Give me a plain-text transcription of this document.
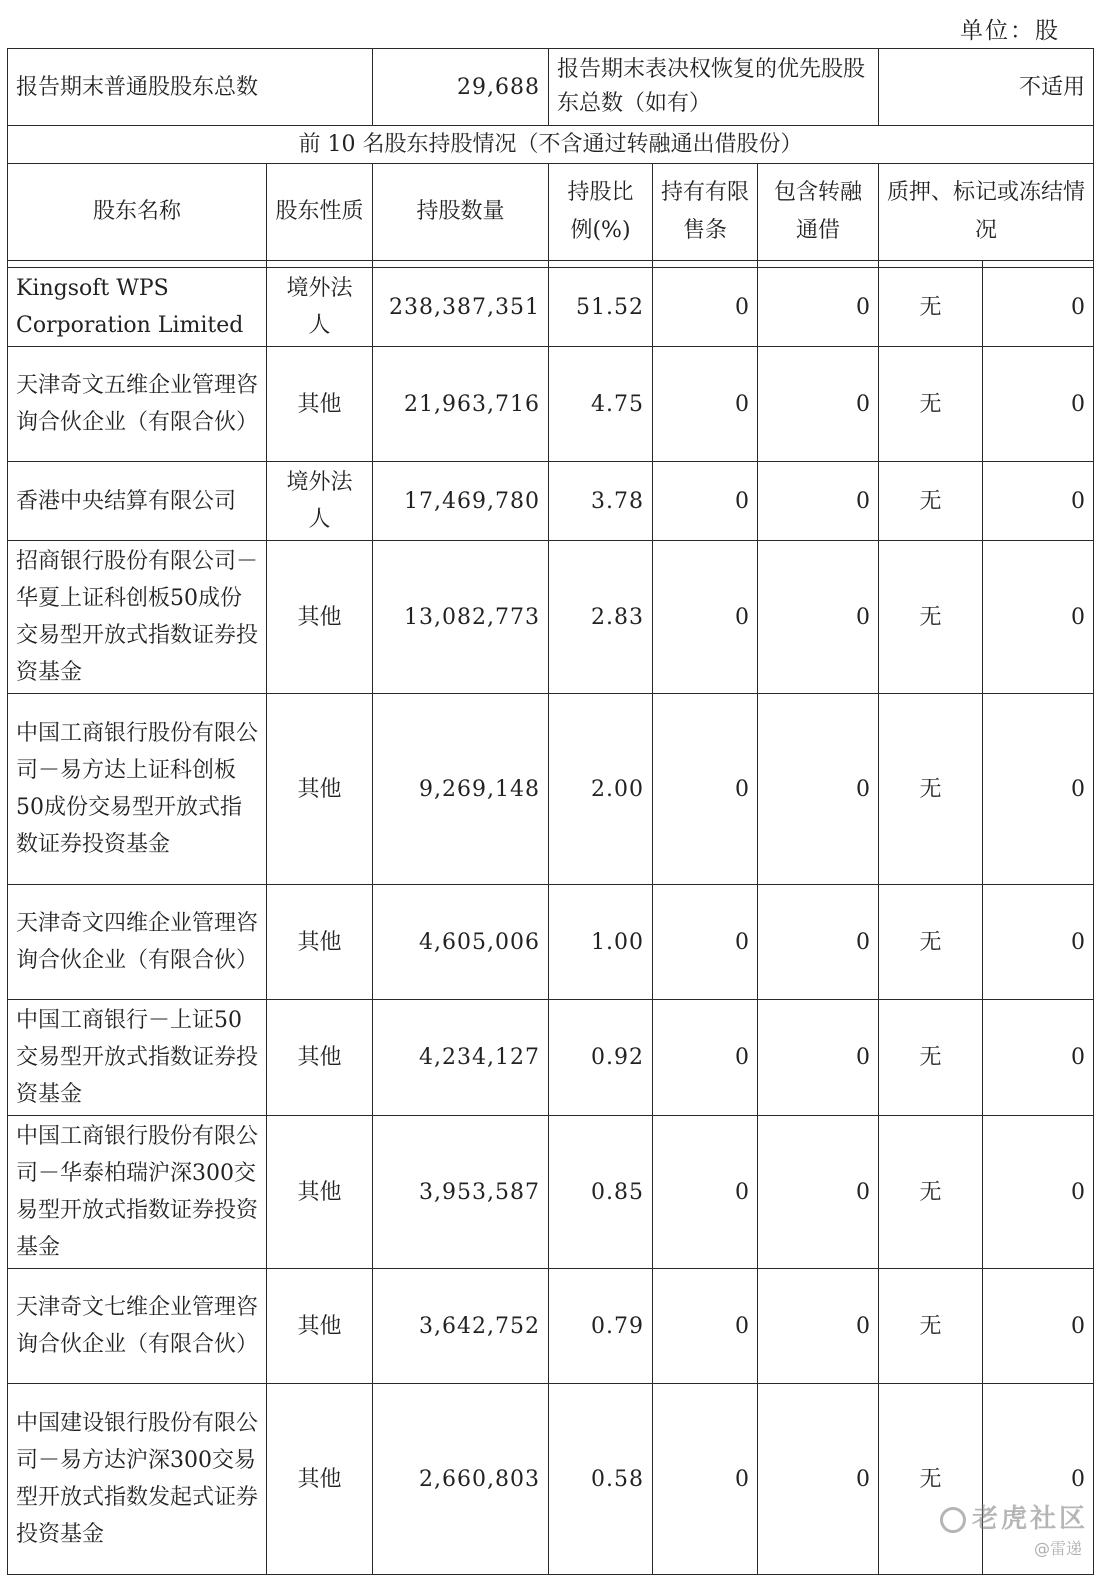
单位：股
报告期末普通股股东总数		29,688	报告期末表决权恢复的优先股股东总数（如有）			不适用	
前 10 名股东持股情况（不含通过转融通出借股份）							
股东名称	股东性质	持股数量	持股比例(%)	持有有限售条	包含转融通借	质押、标记或冻结情况	

Kingsoft WPS Corporation Limited	境外法人	238,387,351	51.52	0	0	无	0
天津奇文五维企业管理咨询合伙企业（有限合伙）	其他	21,963,716	4.75	0	0	无	0
香港中央结算有限公司	境外法人	17,469,780	3.78	0	0	无	0
招商银行股份有限公司－华夏上证科创板50成份交易型开放式指数证券投资基金	其他	13,082,773	2.83	0	0	无	0
中国工商银行股份有限公司－易方达上证科创板50成份交易型开放式指数证券投资基金	其他	9,269,148	2.00	0	0	无	0
天津奇文四维企业管理咨询合伙企业（有限合伙）	其他	4,605,006	1.00	0	0	无	0
中国工商银行－上证50交易型开放式指数证券投资基金	其他	4,234,127	0.92	0	0	无	0
中国工商银行股份有限公司－华泰柏瑞沪深300交易型开放式指数证券投资基金	其他	3,953,587	0.85	0	0	无	0
天津奇文七维企业管理咨询合伙企业（有限合伙）	其他	3,642,752	0.79	0	0	无	0
中国建设银行股份有限公司－易方达沪深300交易型开放式指数发起式证券投资基金	其他	2,660,803	0.58	0	0	无	0
老虎社区
@雷递
